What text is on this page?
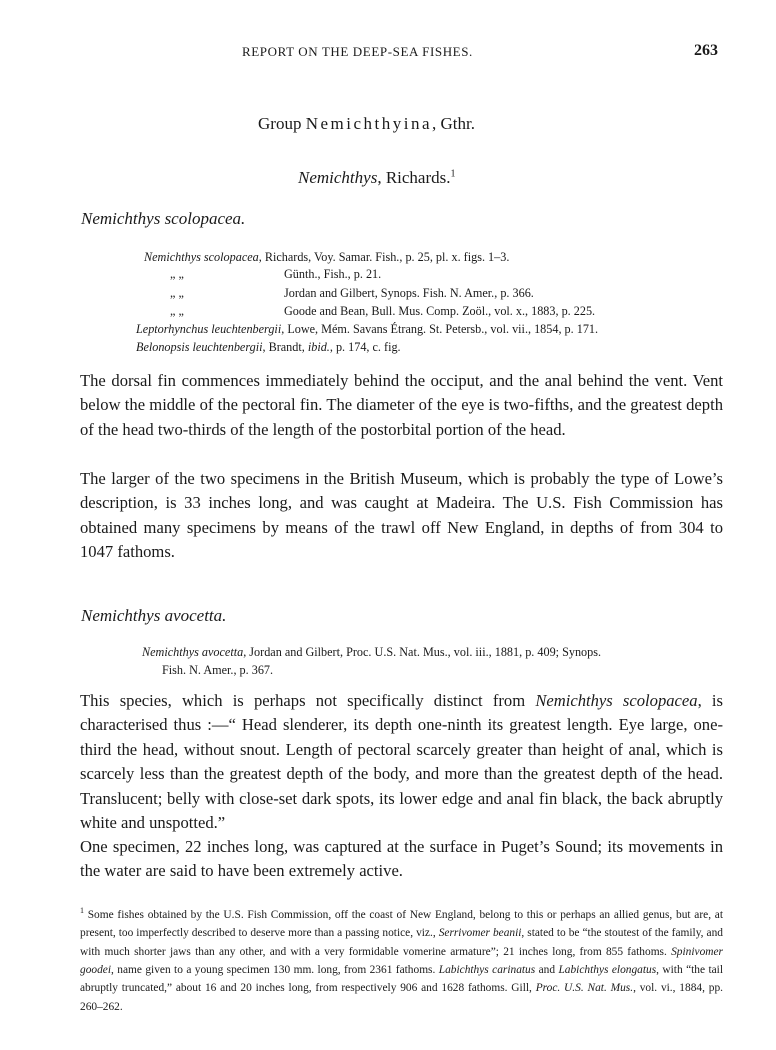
REPORT ON THE DEEP-SEA FISHES.	263
Group Nemichthyina, Gthr.
Nemichthys, Richards.$^1$
Nemichthys scolopacea.
Nemichthys scolopacea, Richards, Voy. Samar. Fish., p. 25, pl. x. figs. 1–3.
„ „	Günth., Fish., p. 21.
„ „	Jordan and Gilbert, Synops. Fish. N. Amer., p. 366.
„ „	Goode and Bean, Bull. Mus. Comp. Zoöl., vol. x., 1883, p. 225.
Leptorhynchus leuchtenbergii, Lowe, Mém. Savans Étrang. St. Petersb., vol. vii., 1854, p. 171.
Belonopsis leuchtenbergii, Brandt, ibid., p. 174, c. fig.

The dorsal fin commences immediately behind the occiput, and the anal behind the vent. Vent below the middle of the pectoral fin. The diameter of the eye is two-fifths, and the greatest depth of the head two-thirds of the length of the postorbital portion of the head.

The larger of the two specimens in the British Museum, which is probably the type of Lowe’s description, is 33 inches long, and was caught at Madeira. The U.S. Fish Commission has obtained many specimens by means of the trawl off New England, in depths of from 304 to 1047 fathoms.

Nemichthys avocetta.
Nemichthys avocetta, Jordan and Gilbert, Proc. U.S. Nat. Mus., vol. iii., 1881, p. 409; Synops.
Fish. N. Amer., p. 367.

This species, which is perhaps not specifically distinct from Nemichthys scolopacea, is characterised thus :—“ Head slenderer, its depth one-ninth its greatest length. Eye large, one-third the head, without snout. Length of pectoral scarcely greater than height of anal, which is scarcely less than the greatest depth of the body, and more than the greatest depth of the head. Translucent; belly with close-set dark spots, its lower edge and anal fin black, the back abruptly white and unspotted.”

One specimen, 22 inches long, was captured at the surface in Puget’s Sound; its movements in the water are said to have been extremely active.

$^1$ Some fishes obtained by the U.S. Fish Commission, off the coast of New England, belong to this or perhaps an allied genus, but are, at present, too imperfectly described to deserve more than a passing notice, viz., Serrivomer beanii, stated to be “the stoutest of the family, and with much shorter jaws than any other, and with a very formidable vomerine armature”; 21 inches long, from 855 fathoms. Spinivomer goodei, name given to a young specimen 130 mm. long, from 2361 fathoms. Labichthys carinatus and Labichthys elongatus, with “the tail abruptly truncated,” about 16 and 20 inches long, from respectively 906 and 1628 fathoms. Gill, Proc. U.S. Nat. Mus., vol. vi., 1884, pp. 260–262.
